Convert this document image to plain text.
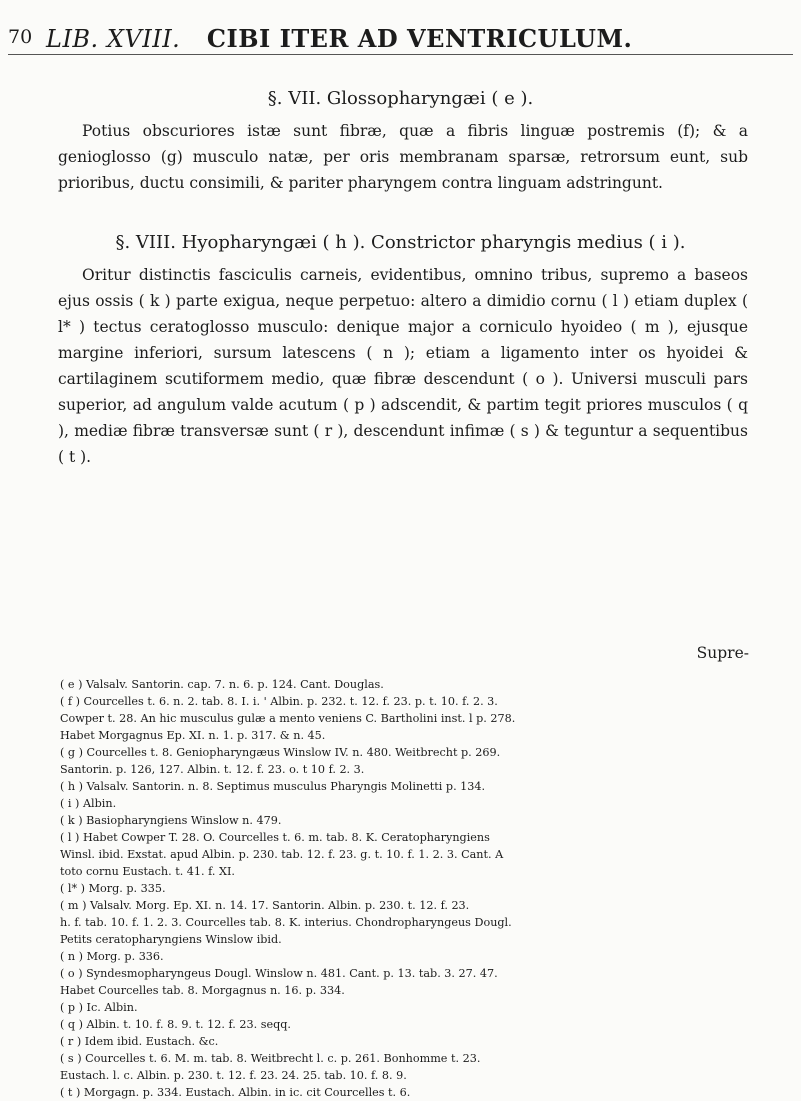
70 LIB. XVIII. CIBI ITER AD VENTRICULUM.
§. VII. Glossopharyngæi ( e ).

Potius obscuriores istæ sunt fibræ, quæ a fibris linguæ postremis (f); & a genioglosso (g) musculo natæ, per oris membranam sparsæ, retrorsum eunt, sub prioribus, ductu consimili, & pariter pharyngem contra linguam adstringunt.

§. VIII. Hyopharyngæi ( h ). Constrictor pharyngis medius ( i ).

Oritur distinctis fasciculis carneis, evidentibus, omnino tribus, supremo a baseos ejus ossis ( k ) parte exigua, neque perpetuo: altero a dimidio cornu ( l ) etiam duplex ( l* ) tectus ceratoglosso musculo: denique major a corniculo hyoideo ( m ), ejusque margine inferiori, sursum latescens ( n ); etiam a ligamento inter os hyoidei & cartilaginem scutiformem medio, quæ fibræ descendunt ( o ). Universi musculi pars superior, ad angulum valde acutum ( p ) adscendit, & partim tegit priores musculos ( q ), mediæ fibræ transversæ sunt ( r ), descendunt infimæ ( s ) & teguntur a sequentibus ( t ).

Supre-

( e ) Valsalv. Santorin. cap. 7. n. 6. p. 124. Cant. Douglas.

( f ) Courcelles t. 6. n. 2. tab. 8. I. i. ' Albin. p. 232. t. 12. f. 23. p. t. 10. f. 2. 3.

Cowper t. 28. An hic musculus gulæ a mento veniens C. Bartholini inst. l p. 278.

Habet Morgagnus Ep. XI. n. 1. p. 317. & n. 45.

( g ) Courcelles t. 8. Geniopharyngæus Winslow IV. n. 480. Weitbrecht p. 269.

Santorin. p. 126, 127. Albin. t. 12. f. 23. o. t 10 f. 2. 3.

( h ) Valsalv. Santorin. n. 8. Septimus musculus Pharyngis Molinetti p. 134.

( i ) Albin.

( k ) Basiopharyngiens Winslow n. 479.

( l ) Habet Cowper T. 28. O. Courcelles t. 6. m. tab. 8. K. Ceratopharyngiens

Winsl. ibid. Exstat. apud Albin. p. 230. tab. 12. f. 23. g. t. 10. f. 1. 2. 3. Cant. A

toto cornu Eustach. t. 41. f. XI.

( l* ) Morg. p. 335.

( m ) Valsalv. Morg. Ep. XI. n. 14. 17. Santorin. Albin. p. 230. t. 12. f. 23.

h. f. tab. 10. f. 1. 2. 3. Courcelles tab. 8. K. interius. Chondropharyngeus Dougl.

Petits ceratopharyngiens Winslow ibid.

( n ) Morg. p. 336.

( o ) Syndesmopharyngeus Dougl. Winslow n. 481. Cant. p. 13. tab. 3. 27. 47.

Habet Courcelles tab. 8. Morgagnus n. 16. p. 334.

( p ) Ic. Albin.

( q ) Albin. t. 10. f. 8. 9. t. 12. f. 23. seqq.

( r ) Idem ibid. Eustach. &c.

( s ) Courcelles t. 6. M. m. tab. 8. Weitbrecht l. c. p. 261. Bonhomme t. 23.

Eustach. l. c. Albin. p. 230. t. 12. f. 23. 24. 25. tab. 10. f. 8. 9.

( t ) Morgagn. p. 334. Eustach. Albin. in ic. cit Courcelles t. 6.
